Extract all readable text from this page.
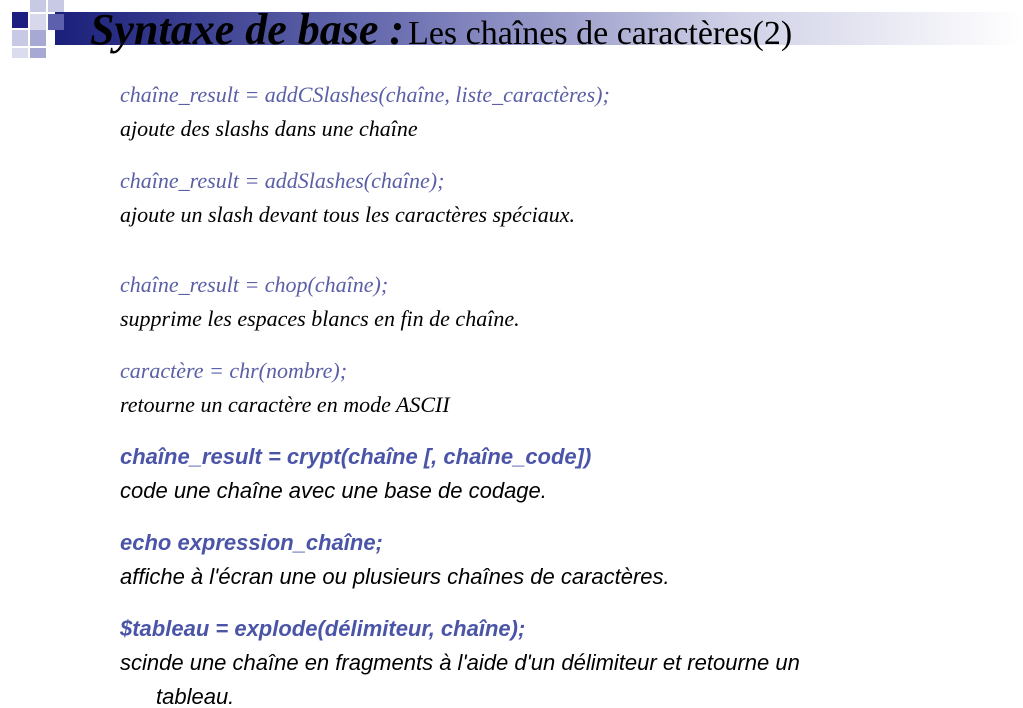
Syntaxe de base : Les chaînes de caractères(2)
chaîne_result = addCSlashes(chaîne, liste_caractères);
ajoute des slashs dans une chaîne
chaîne_result = addSlashes(chaîne);
ajoute un slash devant tous les caractères spéciaux.
chaîne_result = chop(chaîne);
supprime les espaces blancs en fin de chaîne.
caractère = chr(nombre);
retourne un caractère en mode ASCII
chaîne_result = crypt(chaîne [, chaîne_code])
code une chaîne avec une base de codage.
echo expression_chaîne;
affiche à l'écran une ou plusieurs chaînes de caractères.
$tableau = explode(délimiteur, chaîne);
scinde une chaîne en fragments à l'aide d'un délimiteur et retourne un
tableau.
